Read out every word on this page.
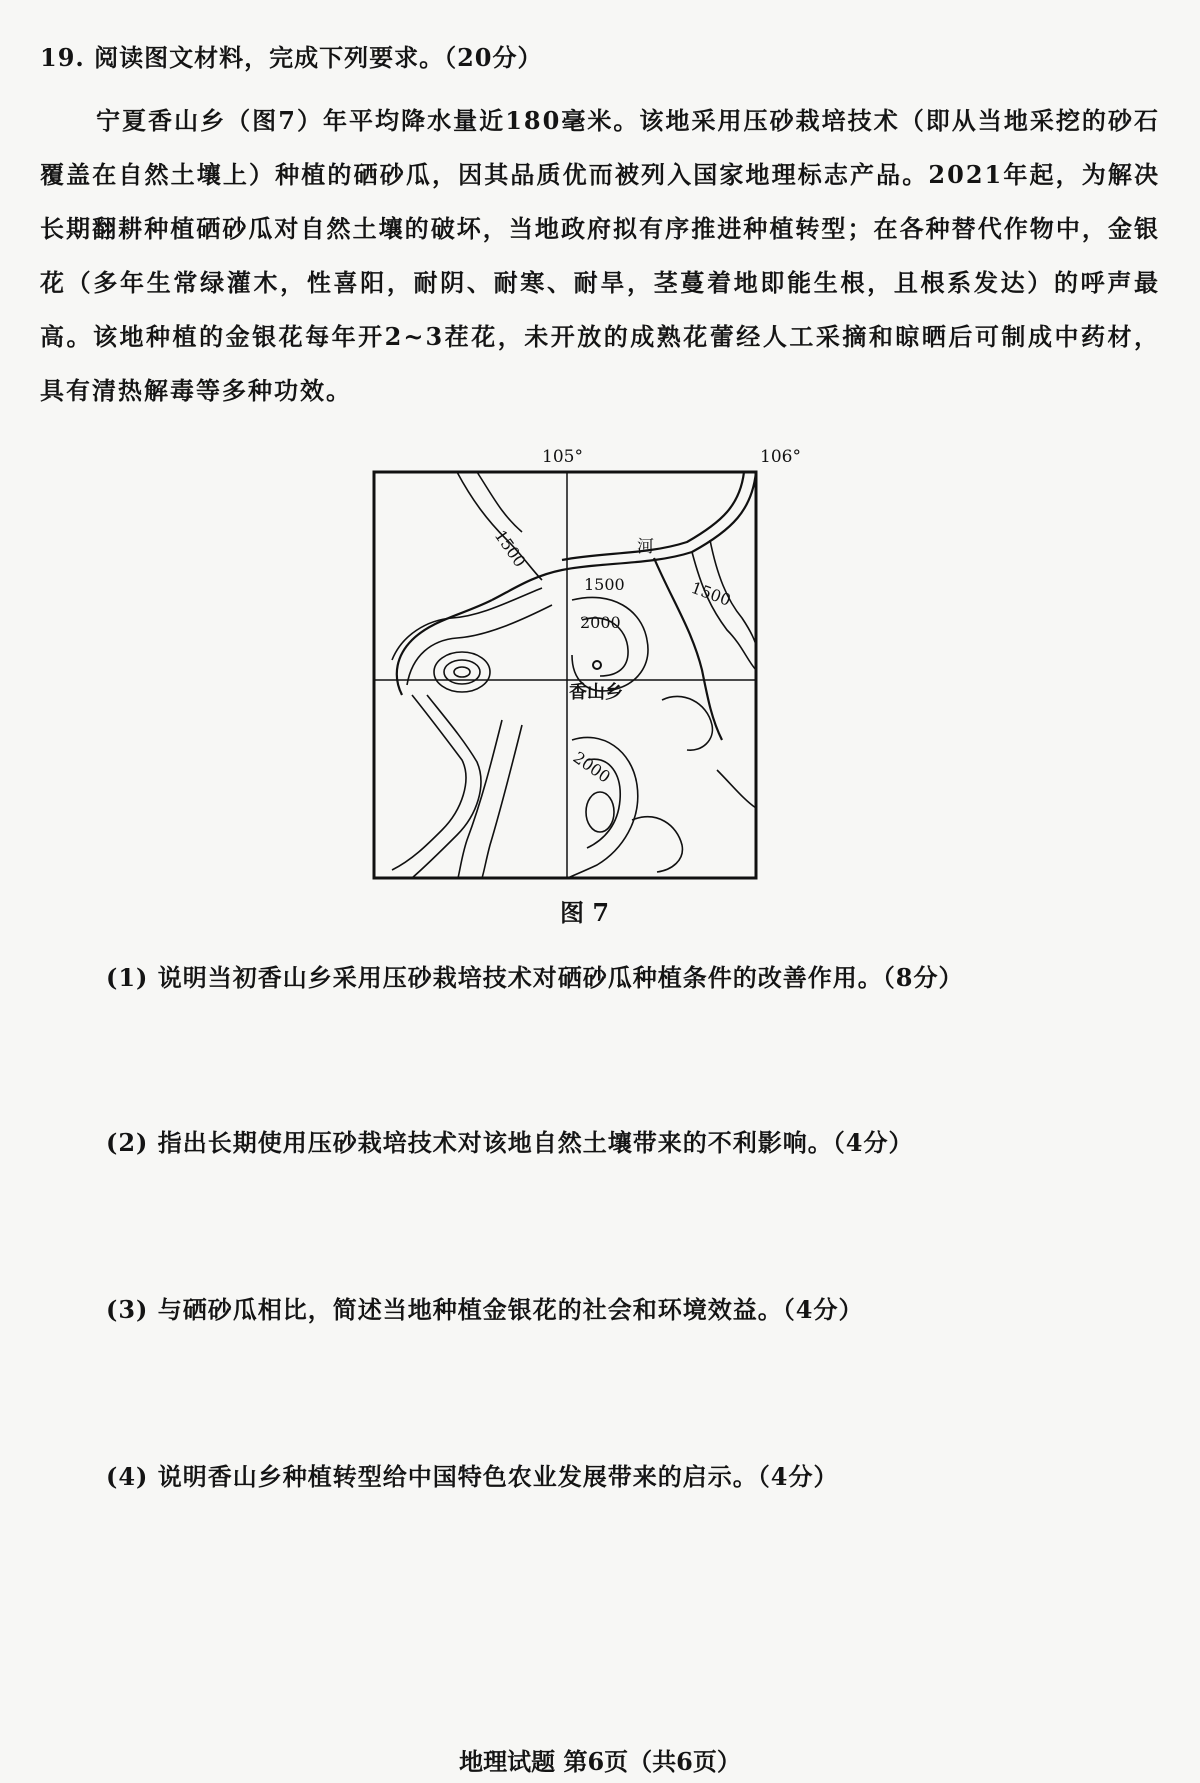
19. 阅读图文材料，完成下列要求。（20分）
宁夏香山乡（图7）年平均降水量近180毫米。该地采用压砂栽培技术（即从当地采挖的砂石覆盖在自然土壤上）种植的硒砂瓜，因其品质优而被列入国家地理标志产品。2021年起，为解决长期翻耕种植硒砂瓜对自然土壤的破坏，当地政府拟有序推进种植转型；在各种替代作物中，金银花（多年生常绿灌木，性喜阳，耐阴、耐寒、耐旱，茎蔓着地即能生根，且根系发达）的呼声最高。该地种植的金银花每年开2~3茬花，未开放的成熟花蕾经人工采摘和晾晒后可制成中药材，具有清热解毒等多种功效。
105°	106°
1500
1500	1500
2000
2000
河
香山乡
图 7
(1) 说明当初香山乡采用压砂栽培技术对硒砂瓜种植条件的改善作用。（8分）
(2) 指出长期使用压砂栽培技术对该地自然土壤带来的不利影响。（4分）
(3) 与硒砂瓜相比，简述当地种植金银花的社会和环境效益。（4分）
(4) 说明香山乡种植转型给中国特色农业发展带来的启示。（4分）
地理试题 第6页（共6页）
